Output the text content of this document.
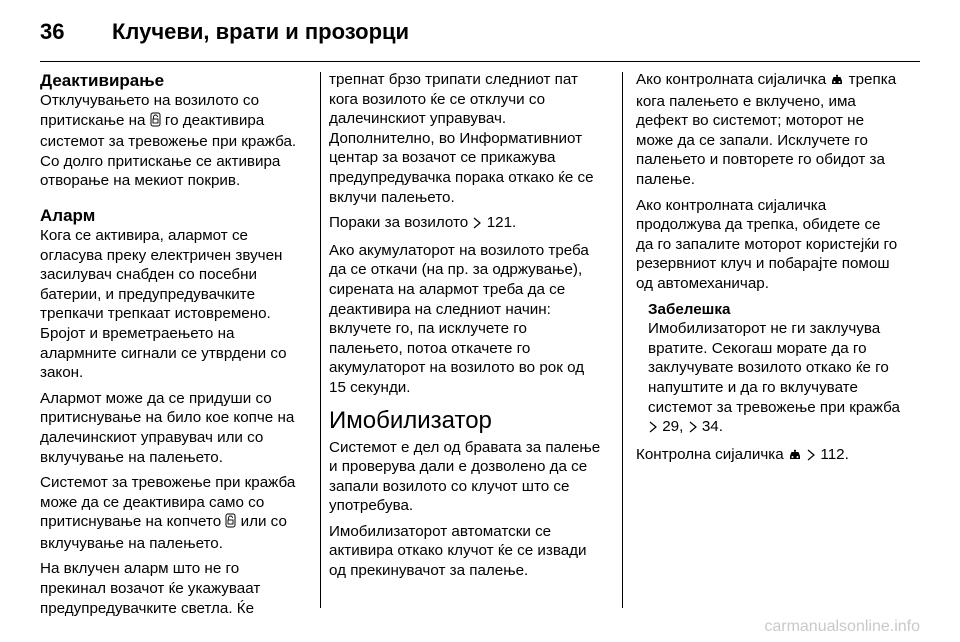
36	Клучеви, врати и прозорци
Деактивирање

Отклучувањето на возилото со притискање на го деактивира системот за тревожење при кражба. Со долго притискање се активира отворање на мекиот покрив.

Аларм

Кога се активира, алармот се огласува преку електричен звучен засилувач снабден со посебни батерии, и предупредувачките трепкачи трепкаат истовремено. Бројот и времетраењето на алармните сигнали се утврдени со закон.

Алармот може да се придуши со притиснување на било кое копче на далечинскиот управувач или со вклучување на палењето.

Системот за тревожење при кражба може да се деактивира само со притиснување на копчето или со вклучување на палењето.

На вклучен аларм што не го прекинал возачот ќе укажуваат предупредувачките светла. Ќе

трепнат брзо трипати следниот пат кога возилото ќе се отклучи со далечинскиот управувач. Дополнително, во Информативниот центар за возачот се прикажува предупредувачка порака откако ќе се вклучи палењето.

Пораки за возилото 121.

Ако акумулаторот на возилото треба да се откачи (на пр. за одржување), сирената на алармот треба да се деактивира на следниот начин: вклучете го, па исклучете го палењето, потоа откачете го акумулаторот на возилото во рок од 15 секунди.

Имобилизатор

Системот е дел од бравата за палење и проверува дали е дозволено да се запали возилото со клучот што се употребува.

Имобилизаторот автоматски се активира откако клучот ќе се извади од прекинувачот за палење.

Ако контролната сијаличка трепка кога палењето е вклучено, има дефект во системот; моторот не може да се запали. Исклучете го палењето и повторете го обидот за палење.

Ако контролната сијаличка продолжува да трепка, обидете се да го запалите моторот користејќи го резервниот клуч и побарајте помош од автомеханичар.

Забелешка

Имобилизаторот не ги заклучува вратите. Секогаш морате да го заклучувате возилото откако ќе го напуштите и да го вклучувате системот за тревожење при кражба  29, 34.

Контролна сијаличка 112.

carmanualsonline.info
